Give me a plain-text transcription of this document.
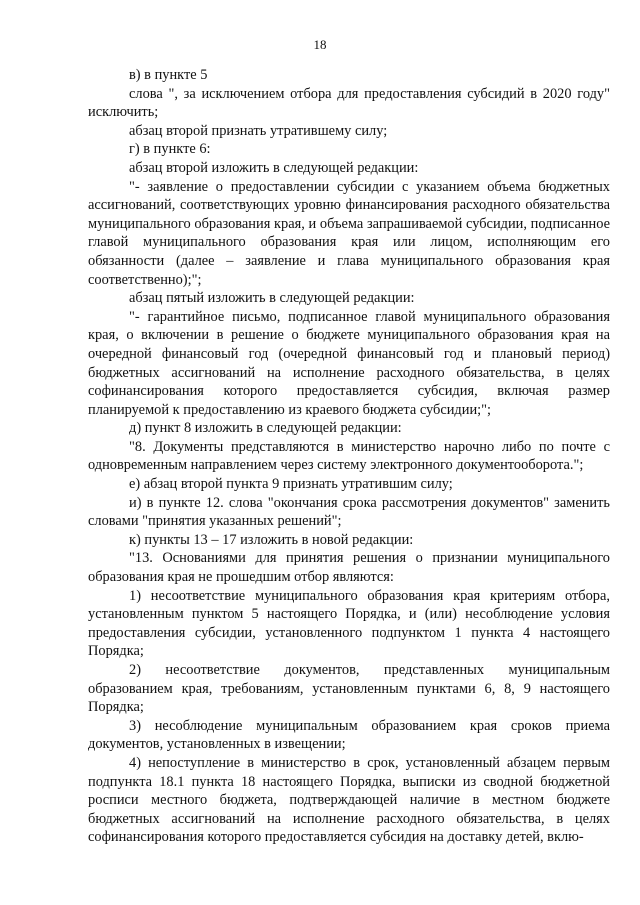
18

в) в пункте 5

слова ", за исключением отбора для предоставления субсидий в 2020 году" исключить;

абзац второй признать утратившему силу;

г) в пункте 6:

абзац второй изложить в следующей редакции:

"- заявление о предоставлении субсидии с указанием объема бюджетных ассигнований, соответствующих уровню финансирования расходного обязательства муниципального образования края, и объема запрашиваемой субсидии, подписанное главой муниципального образования края или лицом, исполняющим его обязанности (далее – заявление и глава муниципального образования края соответственно);";

абзац пятый изложить в следующей редакции:

"- гарантийное письмо, подписанное главой муниципального образования края, о включении в решение о бюджете муниципального образования края на очередной финансовый год (очередной финансовый год и плановый период) бюджетных ассигнований на исполнение расходного обязательства, в целях софинансирования которого предоставляется субсидия, включая размер планируемой к предоставлению из краевого бюджета субсидии;";

д) пункт 8 изложить в следующей редакции:

"8. Документы представляются в министерство нарочно либо по почте с одновременным направлением через систему электронного документооборота.";

е) абзац второй пункта 9 признать утратившим силу;

и) в пункте 12. слова "окончания срока рассмотрения документов" заменить словами "принятия указанных решений";

к) пункты 13 – 17 изложить в новой редакции:

"13. Основаниями для принятия решения о признании муниципального образования края не прошедшим отбор являются:

1) несоответствие муниципального образования края критериям отбора, установленным пунктом 5 настоящего Порядка, и (или) несоблюдение условия предоставления субсидии, установленного подпунктом 1 пункта 4 настоящего Порядка;

2) несоответствие документов, представленных муниципальным образованием края, требованиям, установленным пунктами 6, 8, 9 настоящего Порядка;

3) несоблюдение муниципальным образованием края сроков приема документов, установленных в извещении;

4) непоступление в министерство в срок, установленный абзацем первым подпункта 18.1 пункта 18 настоящего Порядка, выписки из сводной бюджетной росписи местного бюджета, подтверждающей наличие в местном бюджете бюджетных ассигнований на исполнение расходного обязательства, в целях софинансирования которого предоставляется субсидия на доставку детей, вклю-
